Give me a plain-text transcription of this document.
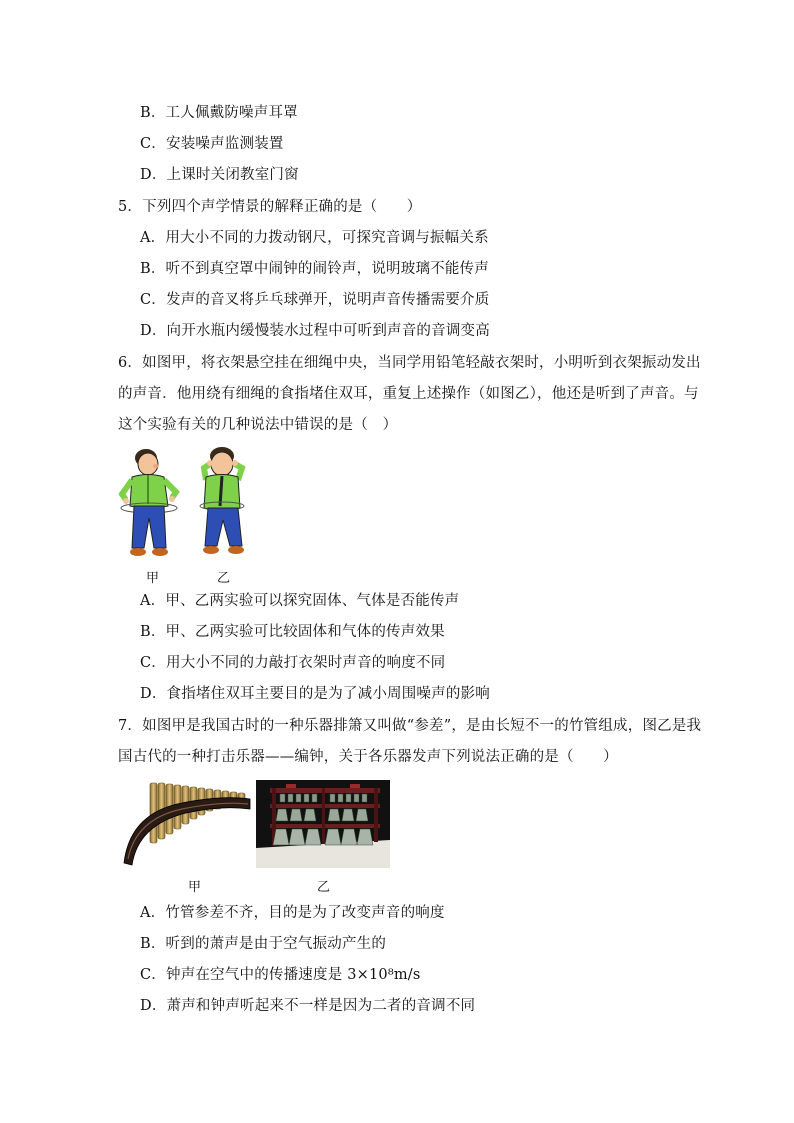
B．工人佩戴防噪声耳罩
C．安装噪声监测装置
D．上课时关闭教室门窗
5．下列四个声学情景的解释正确的是（　　）
A．用大小不同的力拨动钢尺，可探究音调与振幅关系
B．听不到真空罩中闹钟的闹铃声，说明玻璃不能传声
C．发声的音叉将乒乓球弹开，说明声音传播需要介质
D．向开水瓶内缓慢装水过程中可听到声音的音调变高
6．如图甲，将衣架悬空挂在细绳中央，当同学用铅笔轻敲衣架时，小明听到衣架振动发出
的声音．他用绕有细绳的食指堵住双耳，重复上述操作（如图乙），他还是听到了声音。与
这个实验有关的几种说法中错误的是（　）
甲	乙
A．甲、乙两实验可以探究固体、气体是否能传声
B．甲、乙两实验可比较固体和气体的传声效果
C．用大小不同的力敲打衣架时声音的响度不同
D．食指堵住双耳主要目的是为了减小周围噪声的影响
7．如图甲是我国古时的一种乐器排箫又叫做“参差”，是由长短不一的竹管组成，图乙是我
国古代的一种打击乐器——编钟，关于各乐器发声下列说法正确的是（　　）
甲	乙
A．竹管参差不齐，目的是为了改变声音的响度
B．听到的萧声是由于空气振动产生的
C．钟声在空气中的传播速度是 3×10⁸m/s
D．萧声和钟声听起来不一样是因为二者的音调不同
